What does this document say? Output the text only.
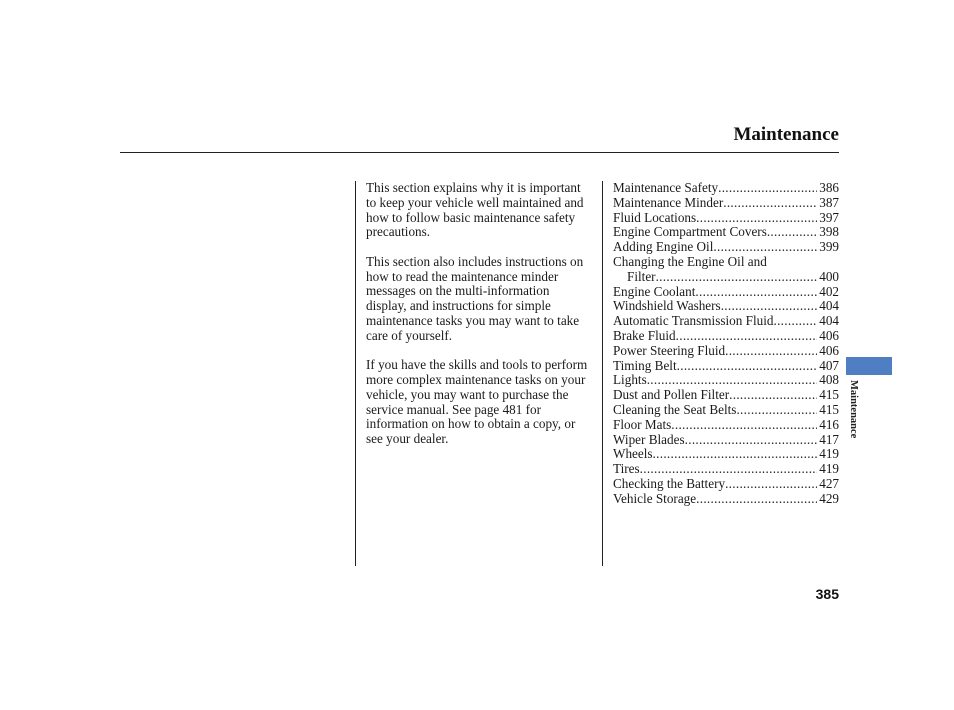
Maintenance

This section explains why it is important to keep your vehicle well maintained and how to follow basic maintenance safety precautions.

This section also includes instructions on how to read the maintenance minder messages on the multi-information display, and instructions for simple maintenance tasks you may want to take care of yourself.

If you have the skills and tools to perform more complex maintenance tasks on your vehicle, you may want to purchase the service manual. See page 481 for information on how to obtain a copy, or see your dealer.

Maintenance Safety .....	386
Maintenance Minder .....	387
Fluid Locations .....	397
Engine Compartment Covers .....	398
Adding Engine Oil .....	399
Changing the Engine Oil and
Filter .....	400
Engine Coolant .....	402
Windshield Washers .....	404
Automatic Transmission Fluid .....	404
Brake Fluid .....	406
Power Steering Fluid .....	406
Timing Belt .....	407
Lights .....	408
Dust and Pollen Filter .....	415
Cleaning the Seat Belts .....	415
Floor Mats .....	416
Wiper Blades .....	417
Wheels .....	419
Tires .....	419
Checking the Battery .....	427
Vehicle Storage .....	429
Maintenance
385
